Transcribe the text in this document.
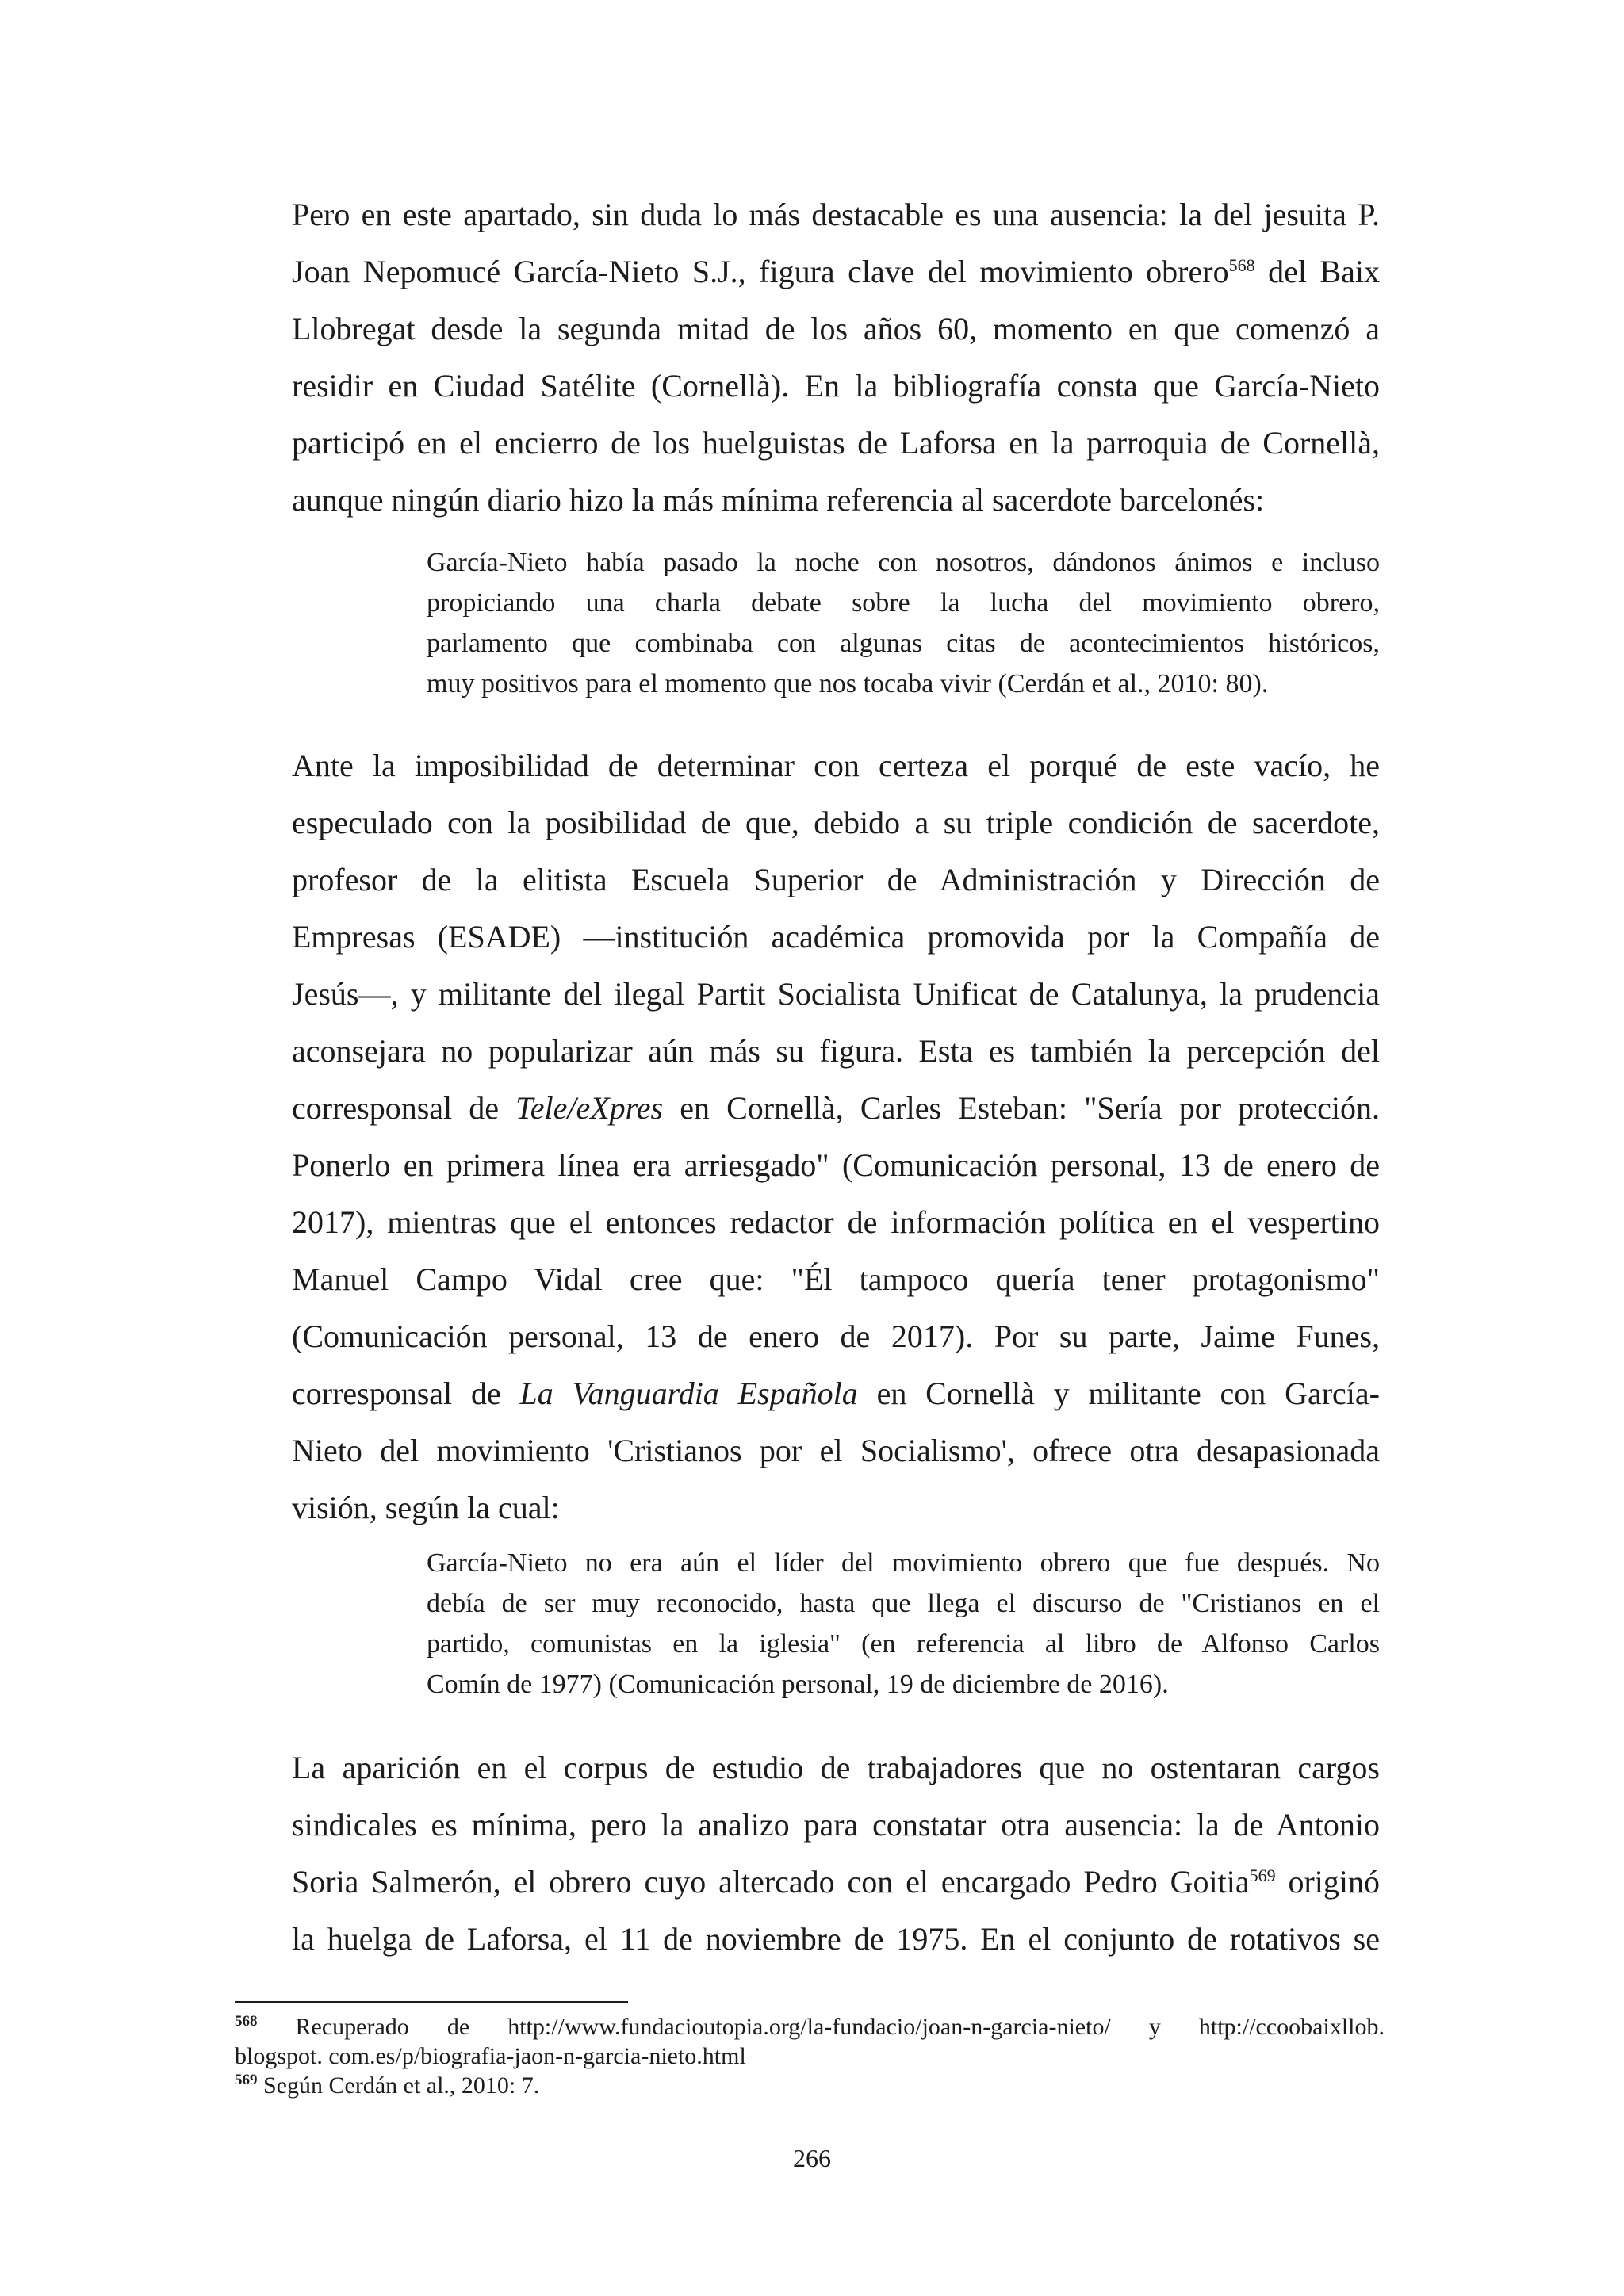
Pero en este apartado, sin duda lo más destacable es una ausencia: la del jesuita P.
Joan Nepomucé García-Nieto S.J., figura clave del movimiento obrero$^{568}$ del Baix
Llobregat desde la segunda mitad de los años 60, momento en que comenzó a
residir en Ciudad Satélite (Cornellà). En la bibliografía consta que García-Nieto
participó en el encierro de los huelguistas de Laforsa en la parroquia de Cornellà,
aunque ningún diario hizo la más mínima referencia al sacerdote barcelonés:
García-Nieto había pasado la noche con nosotros, dándonos ánimos e incluso
propiciando una charla debate sobre la lucha del movimiento obrero,
parlamento que combinaba con algunas citas de acontecimientos históricos,
muy positivos para el momento que nos tocaba vivir (Cerdán et al., 2010: 80).
Ante la imposibilidad de determinar con certeza el porqué de este vacío, he
especulado con la posibilidad de que, debido a su triple condición de sacerdote,
profesor de la elitista Escuela Superior de Administración y Dirección de
Empresas (ESADE) —institución académica promovida por la Compañía de
Jesús—, y militante del ilegal Partit Socialista Unificat de Catalunya, la prudencia
aconsejara no popularizar aún más su figura. Esta es también la percepción del
corresponsal de Tele/eXpres en Cornellà, Carles Esteban: "Sería por protección.
Ponerlo en primera línea era arriesgado" (Comunicación personal, 13 de enero de
2017), mientras que el entonces redactor de información política en el vespertino
Manuel Campo Vidal cree que: "Él tampoco quería tener protagonismo"
(Comunicación personal, 13 de enero de 2017). Por su parte, Jaime Funes,
corresponsal de La Vanguardia Española en Cornellà y militante con García-
Nieto del movimiento 'Cristianos por el Socialismo', ofrece otra desapasionada
visión, según la cual:
García-Nieto no era aún el líder del movimiento obrero que fue después. No
debía de ser muy reconocido, hasta que llega el discurso de "Cristianos en el
partido, comunistas en la iglesia" (en referencia al libro de Alfonso Carlos
Comín de 1977) (Comunicación personal, 19 de diciembre de 2016).
La aparición en el corpus de estudio de trabajadores que no ostentaran cargos
sindicales es mínima, pero la analizo para constatar otra ausencia: la de Antonio
Soria Salmerón, el obrero cuyo altercado con el encargado Pedro Goitia$^{569}$ originó
la huelga de Laforsa, el 11 de noviembre de 1975. En el conjunto de rotativos se
$^{568}$ Recuperado de http://www.fundacioutopia.org/la-fundacio/joan-n-garcia-nieto/ y http://ccoobaixllob.
blogspot. com.es/p/biografia-jaon-n-garcia-nieto.html
$^{569}$ Según Cerdán et al., 2010: 7.
266
